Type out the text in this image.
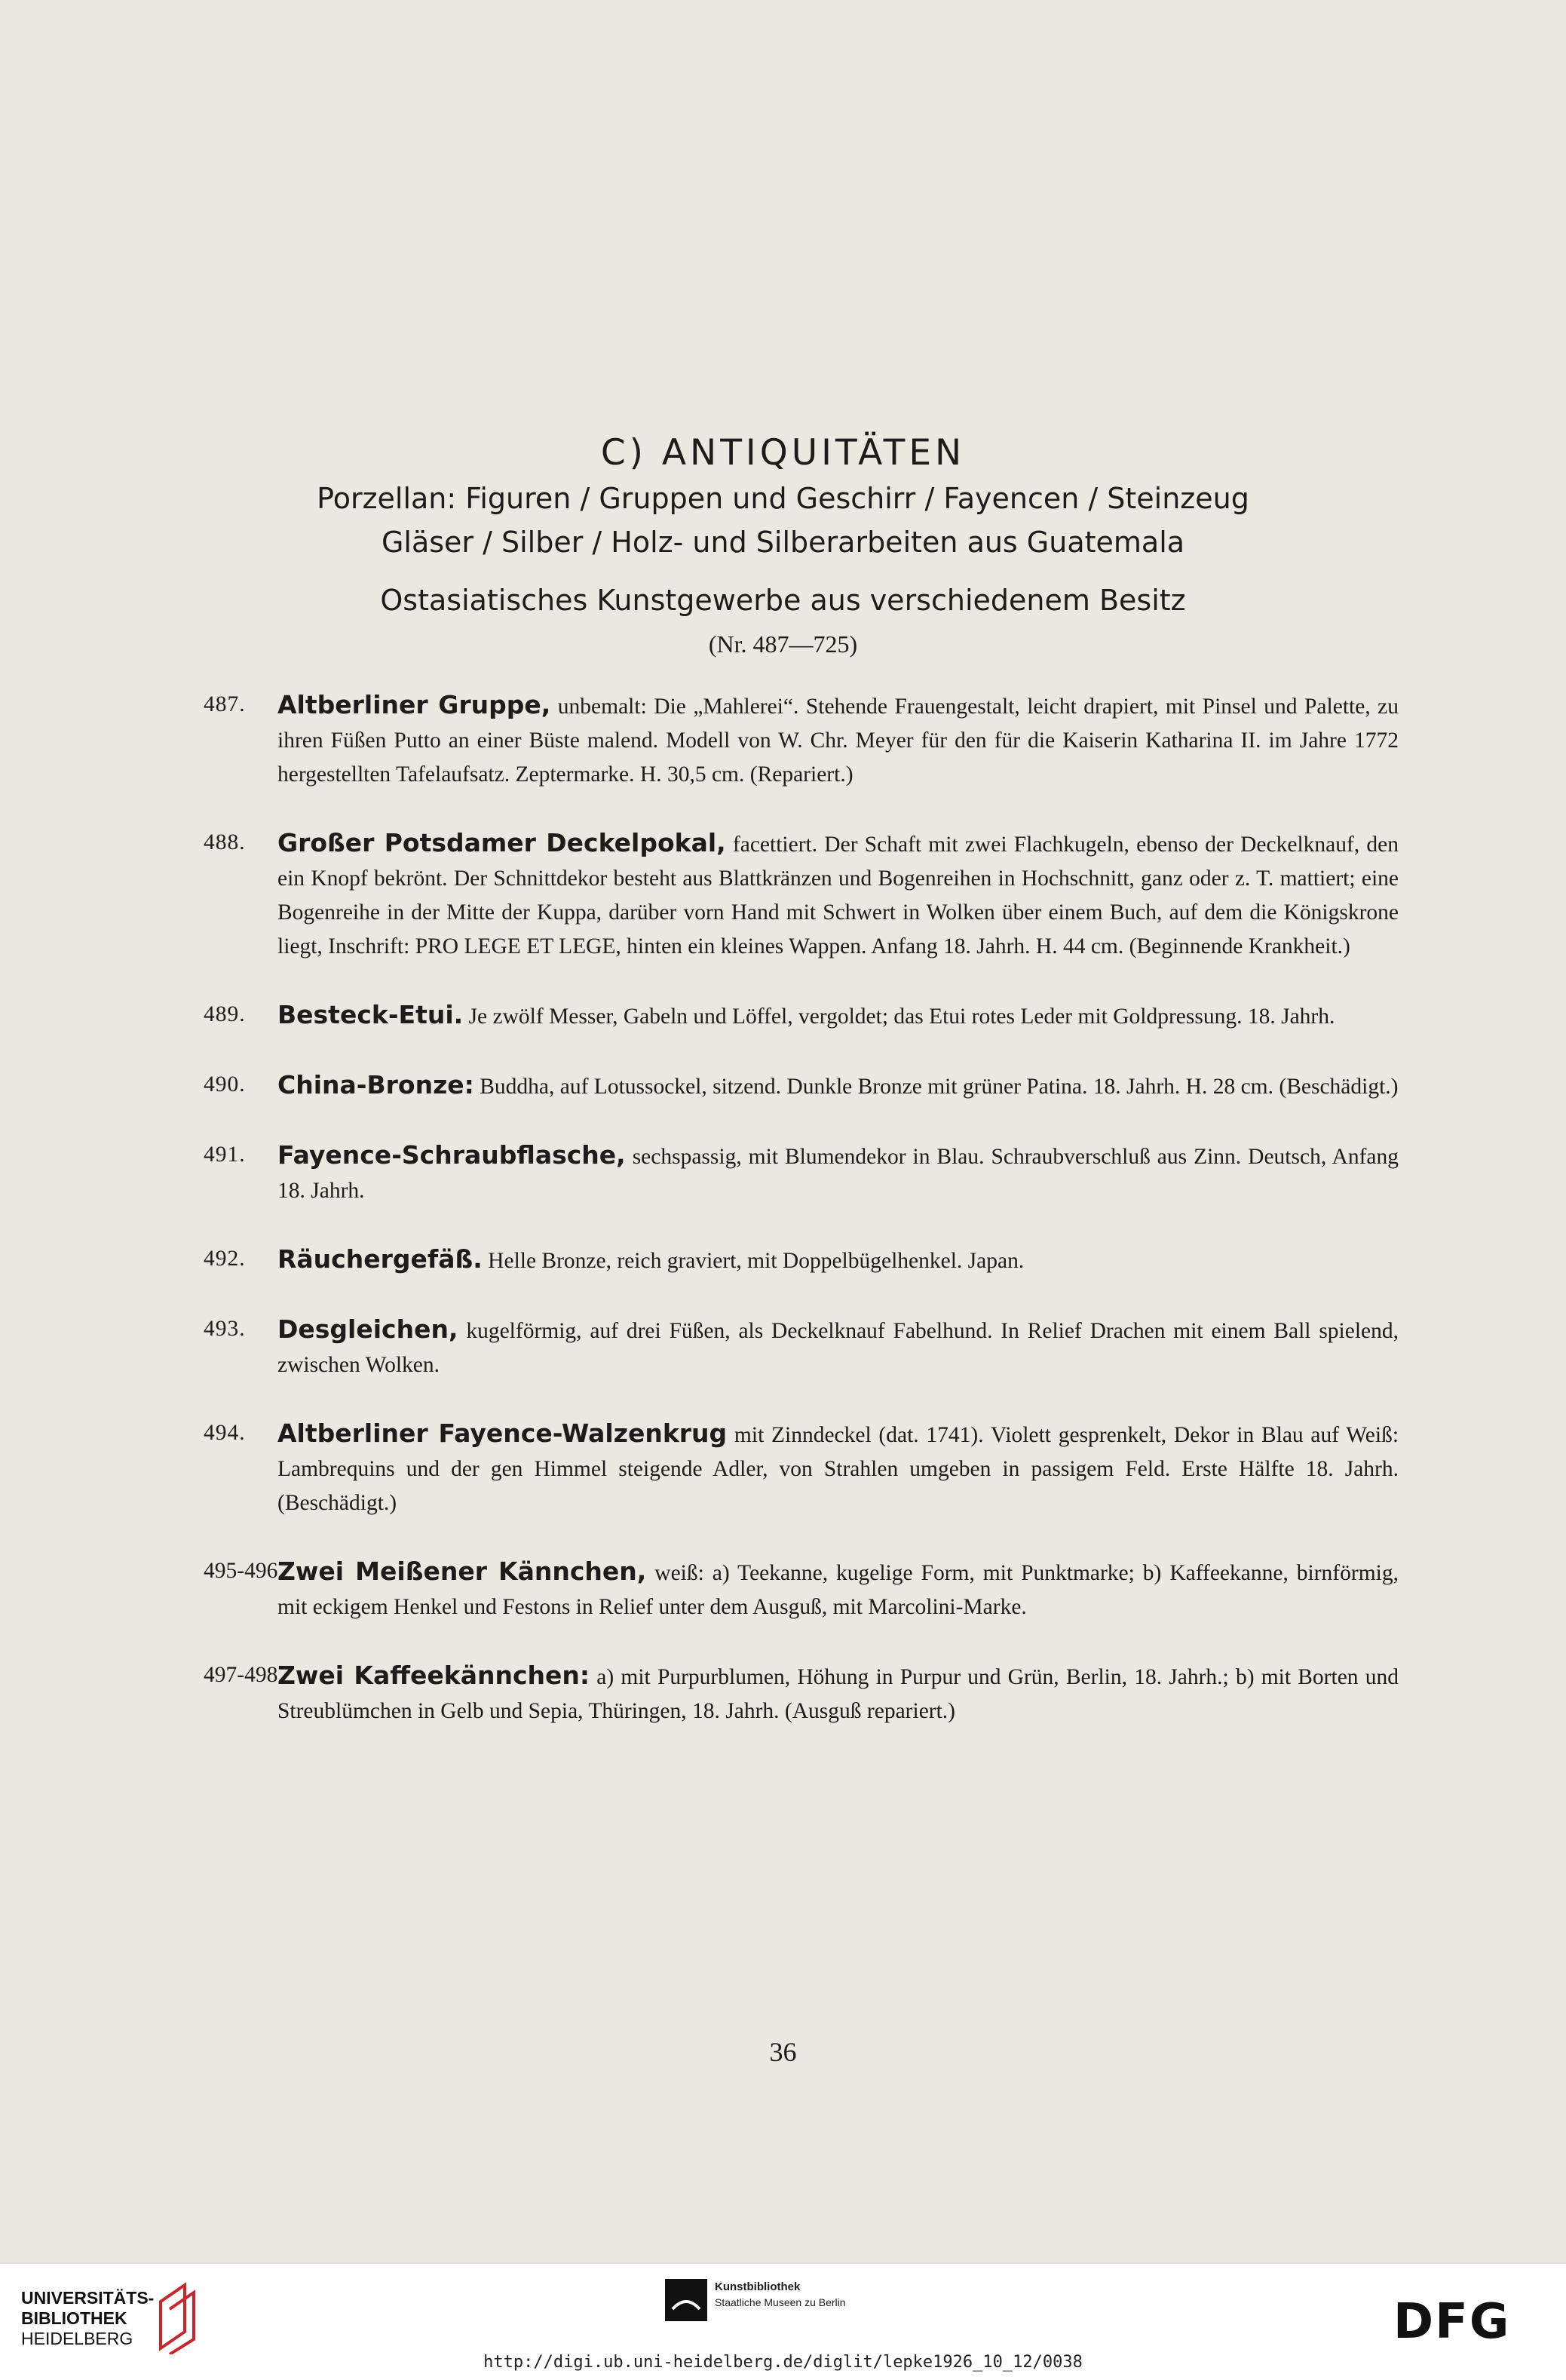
C) ANTIQUITÄTEN
Porzellan: Figuren / Gruppen und Geschirr / Fayencen / Steinzeug
Gläser / Silber / Holz- und Silberarbeiten aus Guatemala
Ostasiatisches Kunstgewerbe aus verschiedenem Besitz
(Nr. 487—725)
487. Altberliner Gruppe, unbemalt: Die „Mahlerei“. Stehende Frauengestalt, leicht drapiert, mit Pinsel und Palette, zu ihren Füßen Putto an einer Büste malend. Modell von W. Chr. Meyer für den für die Kaiserin Katharina II. im Jahre 1772 hergestellten Tafelaufsatz. Zeptermarke. H. 30,5 cm. (Repariert.)
488. Großer Potsdamer Deckelpokal, facettiert. Der Schaft mit zwei Flachkugeln, ebenso der Deckelknauf, den ein Knopf bekrönt. Der Schnittdekor besteht aus Blattkränzen und Bogenreihen in Hochschnitt, ganz oder z. T. mattiert; eine Bogenreihe in der Mitte der Kuppa, darüber vorn Hand mit Schwert in Wolken über einem Buch, auf dem die Königskrone liegt, Inschrift: PRO LEGE ET LEGE, hinten ein kleines Wappen. Anfang 18. Jahrh. H. 44 cm. (Beginnende Krankheit.)
489. Besteck-Etui. Je zwölf Messer, Gabeln und Löffel, vergoldet; das Etui rotes Leder mit Goldpressung. 18. Jahrh.
490. China-Bronze: Buddha, auf Lotussockel, sitzend. Dunkle Bronze mit grüner Patina. 18. Jahrh. H. 28 cm. (Beschädigt.)
491. Fayence-Schraubflasche, sechspassig, mit Blumendekor in Blau. Schraubverschluß aus Zinn. Deutsch, Anfang 18. Jahrh.
492. Räuchergefäß. Helle Bronze, reich graviert, mit Doppelbügelhenkel. Japan.
493. Desgleichen, kugelförmig, auf drei Füßen, als Deckelknauf Fabelhund. In Relief Drachen mit einem Ball spielend, zwischen Wolken.
494. Altberliner Fayence-Walzenkrug mit Zinndeckel (dat. 1741). Violett gesprenkelt, Dekor in Blau auf Weiß: Lambrequins und der gen Himmel steigende Adler, von Strahlen umgeben in passigem Feld. Erste Hälfte 18. Jahrh. (Beschädigt.)
495-496.
Zwei Meißener Kännchen, weiß: a) Teekanne, kugelige Form, mit Punktmarke; b) Kaffeekanne, birnförmig, mit eckigem Henkel und Festons in Relief unter dem Ausguß, mit Marcolini-Marke.
497-498.
Zwei Kaffeekännchen: a) mit Purpurblumen, Höhung in Purpur und Grün, Berlin, 18. Jahrh.; b) mit Borten und Streublümchen in Gelb und Sepia, Thüringen, 18. Jahrh. (Ausguß repariert.)
36
UNIVERSITÄTS-
BIBLIOTHEK
HEIDELBERG
Kunstbibliothek
Staatliche Museen zu Berlin	DFG
http://digi.ub.uni-heidelberg.de/diglit/lepke1926_10_12/0038
